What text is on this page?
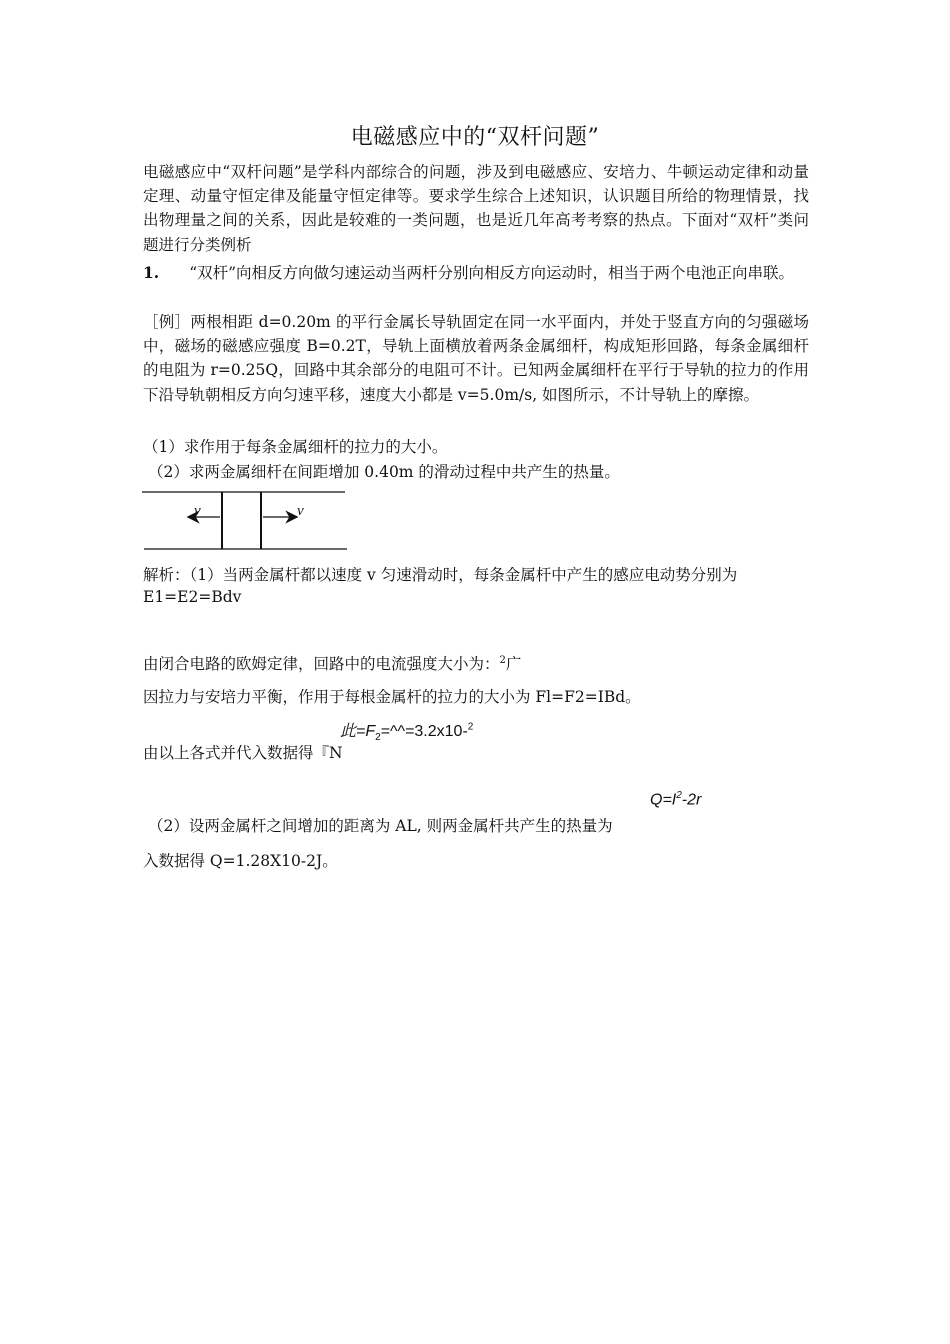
电磁感应中的“双杆问题”
电磁感应中“双杆问题”是学科内部综合的问题，涉及到电磁感应、安培力、牛顿运动定律和动量定理、动量守恒定律及能量守恒定律等。要求学生综合上述知识，认识题目所给的物理情景，找出物理量之间的关系，因此是较难的一类问题，也是近几年高考考察的热点。下面对“双杆”类问题进行分类例析
1. “双杆”向相反方向做匀速运动当两杆分别向相反方向运动时，相当于两个电池正向串联。
［例］两根相距 d=0.20m 的平行金属长导轨固定在同一水平面内，并处于竖直方向的匀强磁场中，磁场的磁感应强度 B=0.2T，导轨上面横放着两条金属细杆，构成矩形回路，每条金属细杆的电阻为 r=0.25Q，回路中其余部分的电阻可不计。已知两金属细杆在平行于导轨的拉力的作用下沿导轨朝相反方向匀速平移，速度大小都是 v=5.0m/s, 如图所示，不计导轨上的摩擦。
（1）求作用于每条金属细杆的拉力的大小。
（2）求两金属细杆在间距增加 0.40m 的滑动过程中共产生的热量。
v	v
解析：（1）当两金属杆都以速度 v 匀速滑动时，每条金属杆中产生的感应电动势分别为
E1=E2=Bdv
由闭合电路的欧姆定律，回路中的电流强度大小为：$^2$广
因拉力与安培力平衡，作用于每根金属杆的拉力的大小为 Fl=F2=IBd。
此$=F_2=\^{}\^{}=3.2x10-^2$
由以上各式并代入数据得『N
$Q=I^2-2r$
（2）设两金属杆之间增加的距离为 AL, 则两金属杆共产生的热量为
入数据得 Q=1.28X10-2J。
